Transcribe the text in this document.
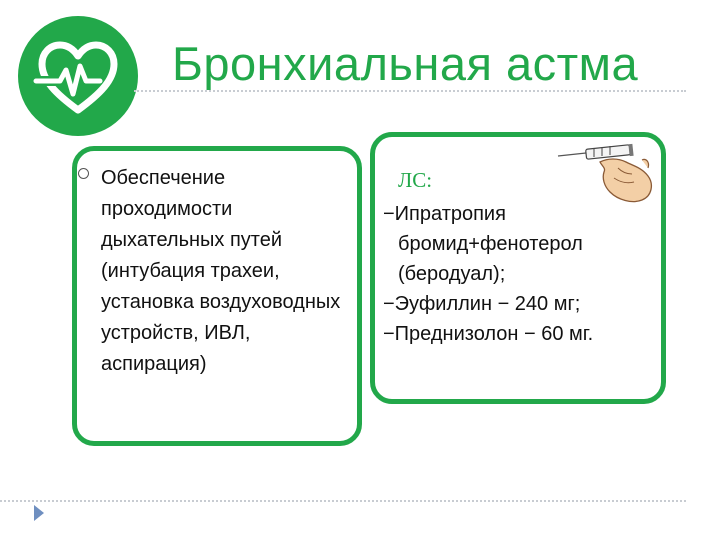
Бронхиальная астма
Обеспечение проходимости дыхательных путей (интубация трахеи, установка воздуховодных устройств, ИВЛ, аспирация)
ЛС:
−Ипратропия
бромид+фенотерол
(беродуал);
−Эуфиллин − 240 мг;
−Преднизолон − 60 мг.
